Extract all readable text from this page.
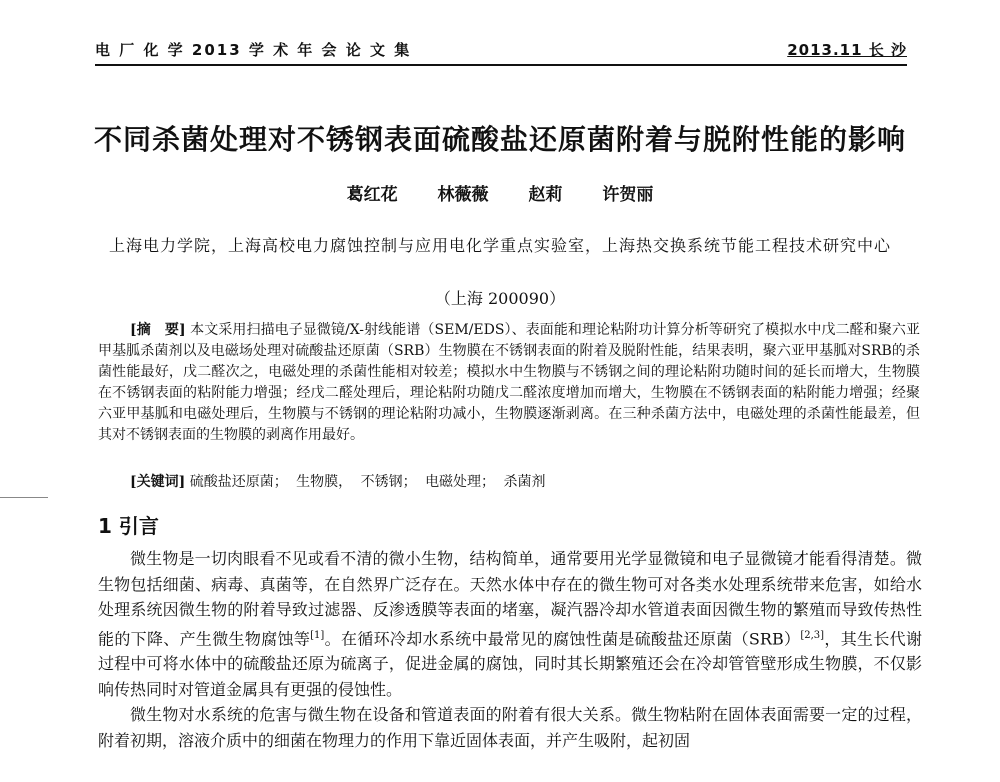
电 厂 化 学 2013 学 术 年 会 论 文 集	2013.11 长 沙
不同杀菌处理对不锈钢表面硫酸盐还原菌附着与脱附性能的影响
葛红花 林薇薇 赵莉 许贺丽
上海电力学院，上海高校电力腐蚀控制与应用电化学重点实验室，上海热交换系统节能工程技术研究中心
（上海 200090）
[摘　要] 本文采用扫描电子显微镜/X-射线能谱（SEM/EDS）、表面能和理论粘附功计算分析等研究了模拟水中戊二醛和聚六亚甲基胍杀菌剂以及电磁场处理对硫酸盐还原菌（SRB）生物膜在不锈钢表面的附着及脱附性能，结果表明，聚六亚甲基胍对SRB的杀菌性能最好，戊二醛次之，电磁处理的杀菌性能相对较差；模拟水中生物膜与不锈钢之间的理论粘附功随时间的延长而增大，生物膜在不锈钢表面的粘附能力增强；经戊二醛处理后，理论粘附功随戊二醛浓度增加而增大，生物膜在不锈钢表面的粘附能力增强；经聚六亚甲基胍和电磁处理后，生物膜与不锈钢的理论粘附功减小，生物膜逐渐剥离。在三种杀菌方法中，电磁处理的杀菌性能最差，但其对不锈钢表面的生物膜的剥离作用最好。
[关键词] 硫酸盐还原菌； 生物膜， 不锈钢； 电磁处理； 杀菌剂
1 引言

微生物是一切肉眼看不见或看不清的微小生物，结构简单，通常要用光学显微镜和电子显微镜才能看得清楚。微生物包括细菌、病毒、真菌等，在自然界广泛存在。天然水体中存在的微生物可对各类水处理系统带来危害，如给水处理系统因微生物的附着导致过滤器、反渗透膜等表面的堵塞，凝汽器冷却水管道表面因微生物的繁殖而导致传热性能的下降、产生微生物腐蚀等[1]。在循环冷却水系统中最常见的腐蚀性菌是硫酸盐还原菌（SRB）[2,3]，其生长代谢过程中可将水体中的硫酸盐还原为硫离子，促进金属的腐蚀，同时其长期繁殖还会在冷却管管壁形成生物膜，不仅影响传热同时对管道金属具有更强的侵蚀性。

微生物对水系统的危害与微生物在设备和管道表面的附着有很大关系。微生物粘附在固体表面需要一定的过程，附着初期，溶液介质中的细菌在物理力的作用下靠近固体表面，并产生吸附，起初固
